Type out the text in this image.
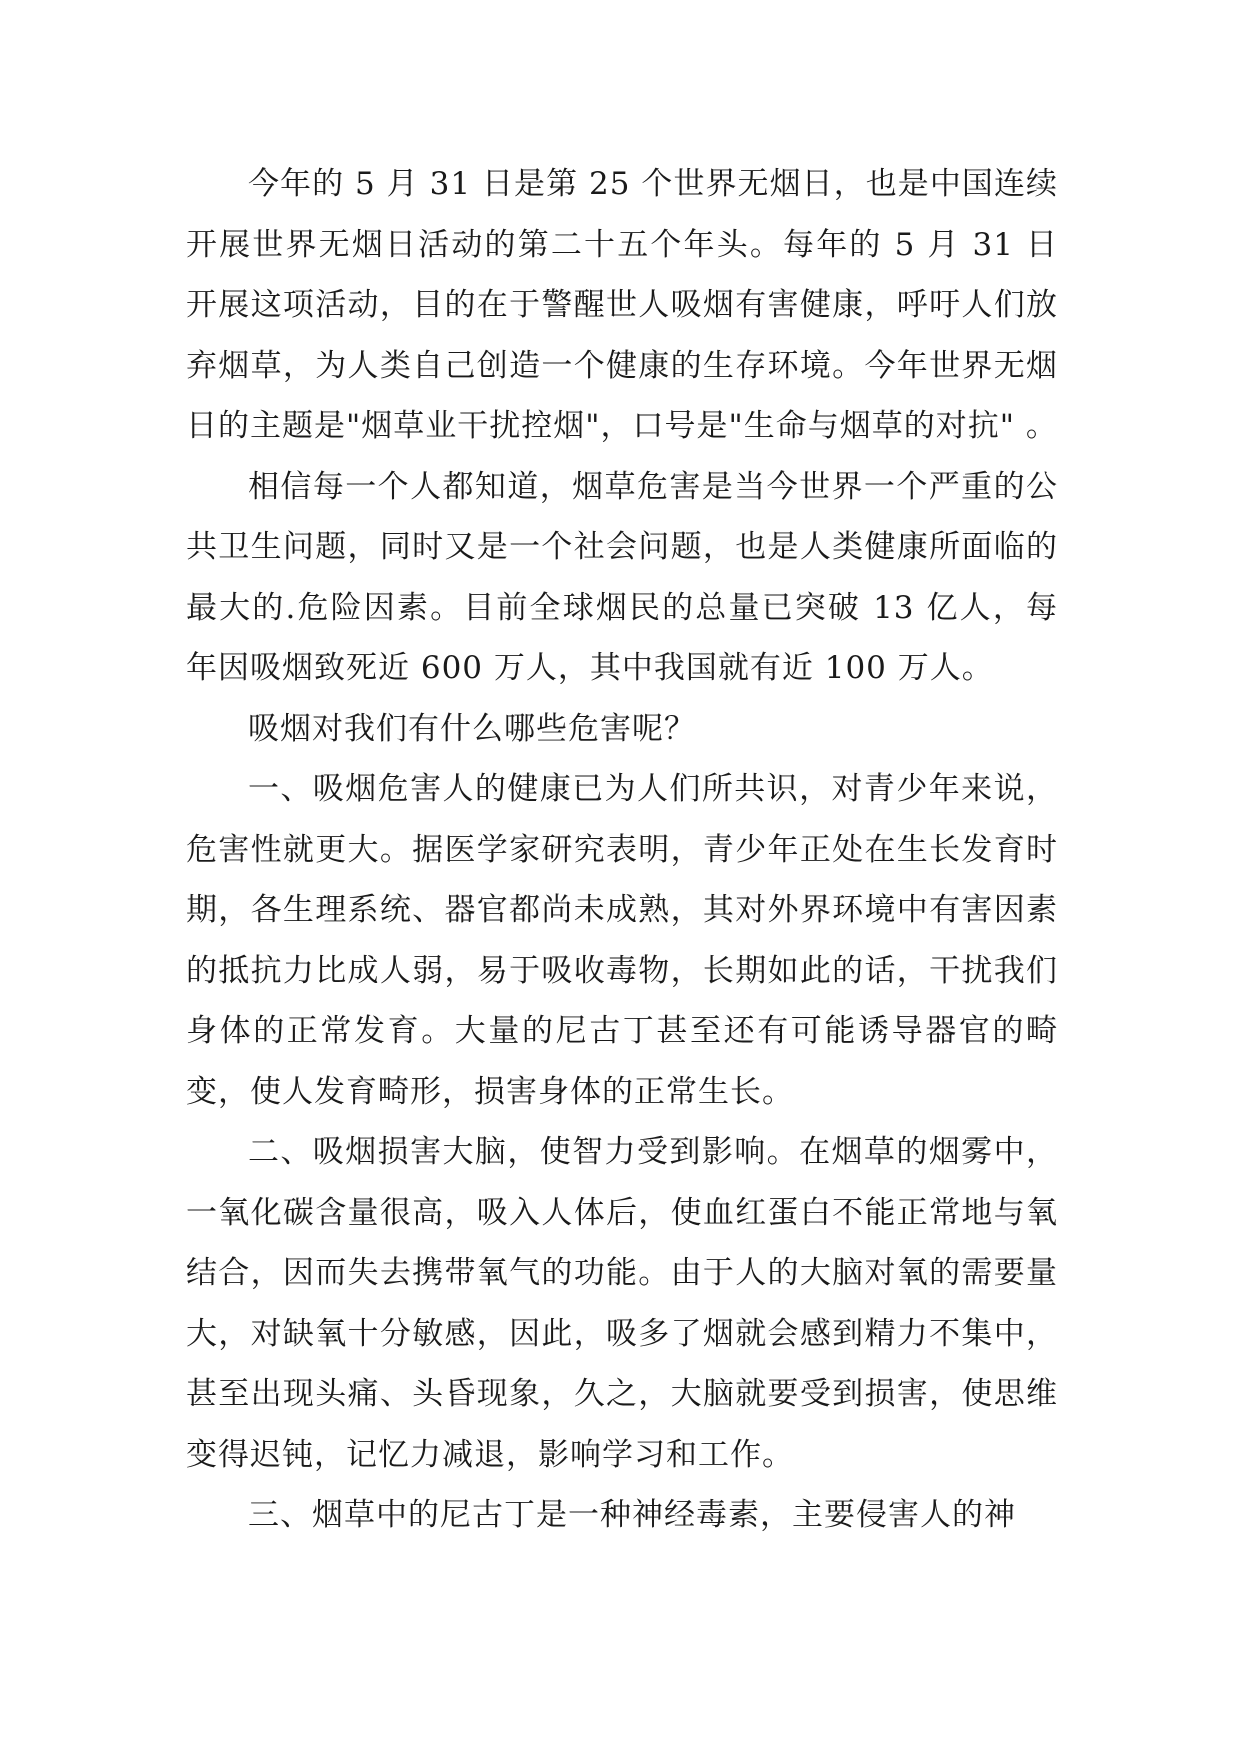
今年的 5 月 31 日是第 25 个世界无烟日，也是中国连续开展世界无烟日活动的第二十五个年头。每年的 5 月 31 日开展这项活动，目的在于警醒世人吸烟有害健康，呼吁人们放弃烟草，为人类自己创造一个健康的生存环境。今年世界无烟日的主题是"烟草业干扰控烟"，口号是"生命与烟草的对抗" 。

相信每一个人都知道，烟草危害是当今世界一个严重的公共卫生问题，同时又是一个社会问题，也是人类健康所面临的最大的.危险因素。目前全球烟民的总量已突破 13 亿人，每年因吸烟致死近 600 万人，其中我国就有近 100 万人。

吸烟对我们有什么哪些危害呢？

一、吸烟危害人的健康已为人们所共识，对青少年来说，危害性就更大。据医学家研究表明，青少年正处在生长发育时期，各生理系统、器官都尚未成熟，其对外界环境中有害因素的抵抗力比成人弱，易于吸收毒物，长期如此的话，干扰我们身体的正常发育。大量的尼古丁甚至还有可能诱导器官的畸变，使人发育畸形，损害身体的正常生长。

二、吸烟损害大脑，使智力受到影响。在烟草的烟雾中，一氧化碳含量很高，吸入人体后，使血红蛋白不能正常地与氧结合，因而失去携带氧气的功能。由于人的大脑对氧的需要量大，对缺氧十分敏感，因此，吸多了烟就会感到精力不集中，甚至出现头痛、头昏现象，久之，大脑就要受到损害，使思维变得迟钝，记忆力减退，影响学习和工作。

三、烟草中的尼古丁是一种神经毒素，主要侵害人的神
